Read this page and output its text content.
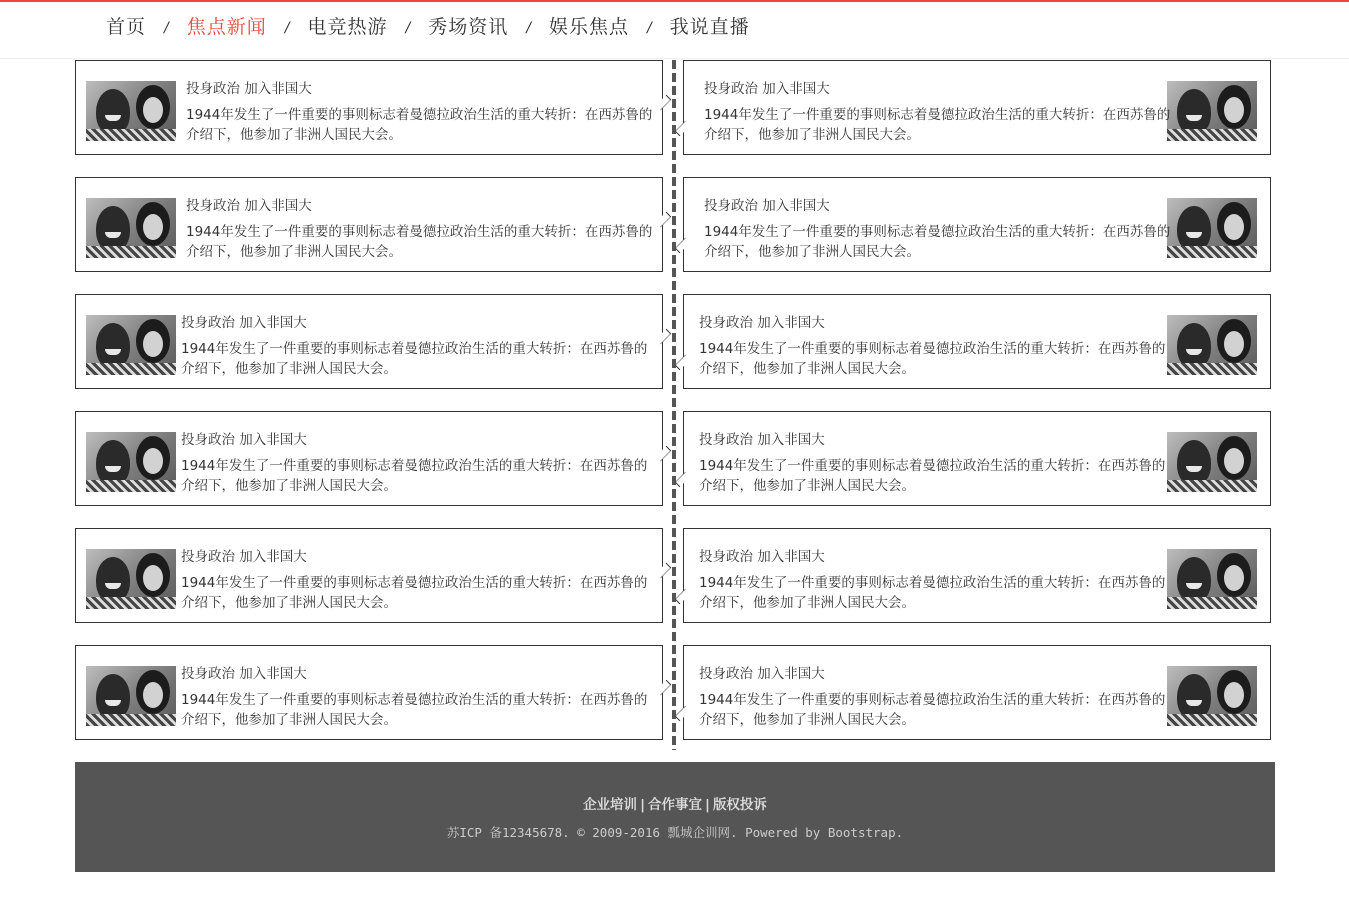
首页 / 焦点新闻 / 电竞热游 / 秀场资讯 / 娱乐焦点 / 我说直播
投身政治 加入非国大
1944年发生了一件重要的事则标志着曼德拉政治生活的重大转折：在西苏鲁的介绍下，他参加了非洲人国民大会。
投身政治 加入非国大
1944年发生了一件重要的事则标志着曼德拉政治生活的重大转折：在西苏鲁的介绍下，他参加了非洲人国民大会。
投身政治 加入非国大
1944年发生了一件重要的事则标志着曼德拉政治生活的重大转折：在西苏鲁的介绍下，他参加了非洲人国民大会。
投身政治 加入非国大
1944年发生了一件重要的事则标志着曼德拉政治生活的重大转折：在西苏鲁的介绍下，他参加了非洲人国民大会。
投身政治 加入非国大
1944年发生了一件重要的事则标志着曼德拉政治生活的重大转折：在西苏鲁的介绍下，他参加了非洲人国民大会。
投身政治 加入非国大
1944年发生了一件重要的事则标志着曼德拉政治生活的重大转折：在西苏鲁的介绍下，他参加了非洲人国民大会。
投身政治 加入非国大
1944年发生了一件重要的事则标志着曼德拉政治生活的重大转折：在西苏鲁的介绍下，他参加了非洲人国民大会。
投身政治 加入非国大
1944年发生了一件重要的事则标志着曼德拉政治生活的重大转折：在西苏鲁的介绍下，他参加了非洲人国民大会。
投身政治 加入非国大
1944年发生了一件重要的事则标志着曼德拉政治生活的重大转折：在西苏鲁的介绍下，他参加了非洲人国民大会。
投身政治 加入非国大
1944年发生了一件重要的事则标志着曼德拉政治生活的重大转折：在西苏鲁的介绍下，他参加了非洲人国民大会。
投身政治 加入非国大
1944年发生了一件重要的事则标志着曼德拉政治生活的重大转折：在西苏鲁的介绍下，他参加了非洲人国民大会。
投身政治 加入非国大
1944年发生了一件重要的事则标志着曼德拉政治生活的重大转折：在西苏鲁的介绍下，他参加了非洲人国民大会。
企业培训 | 合作事宜 | 版权投诉
苏ICP 备12345678. © 2009-2016 瓢城企训网. Powered by Bootstrap.
